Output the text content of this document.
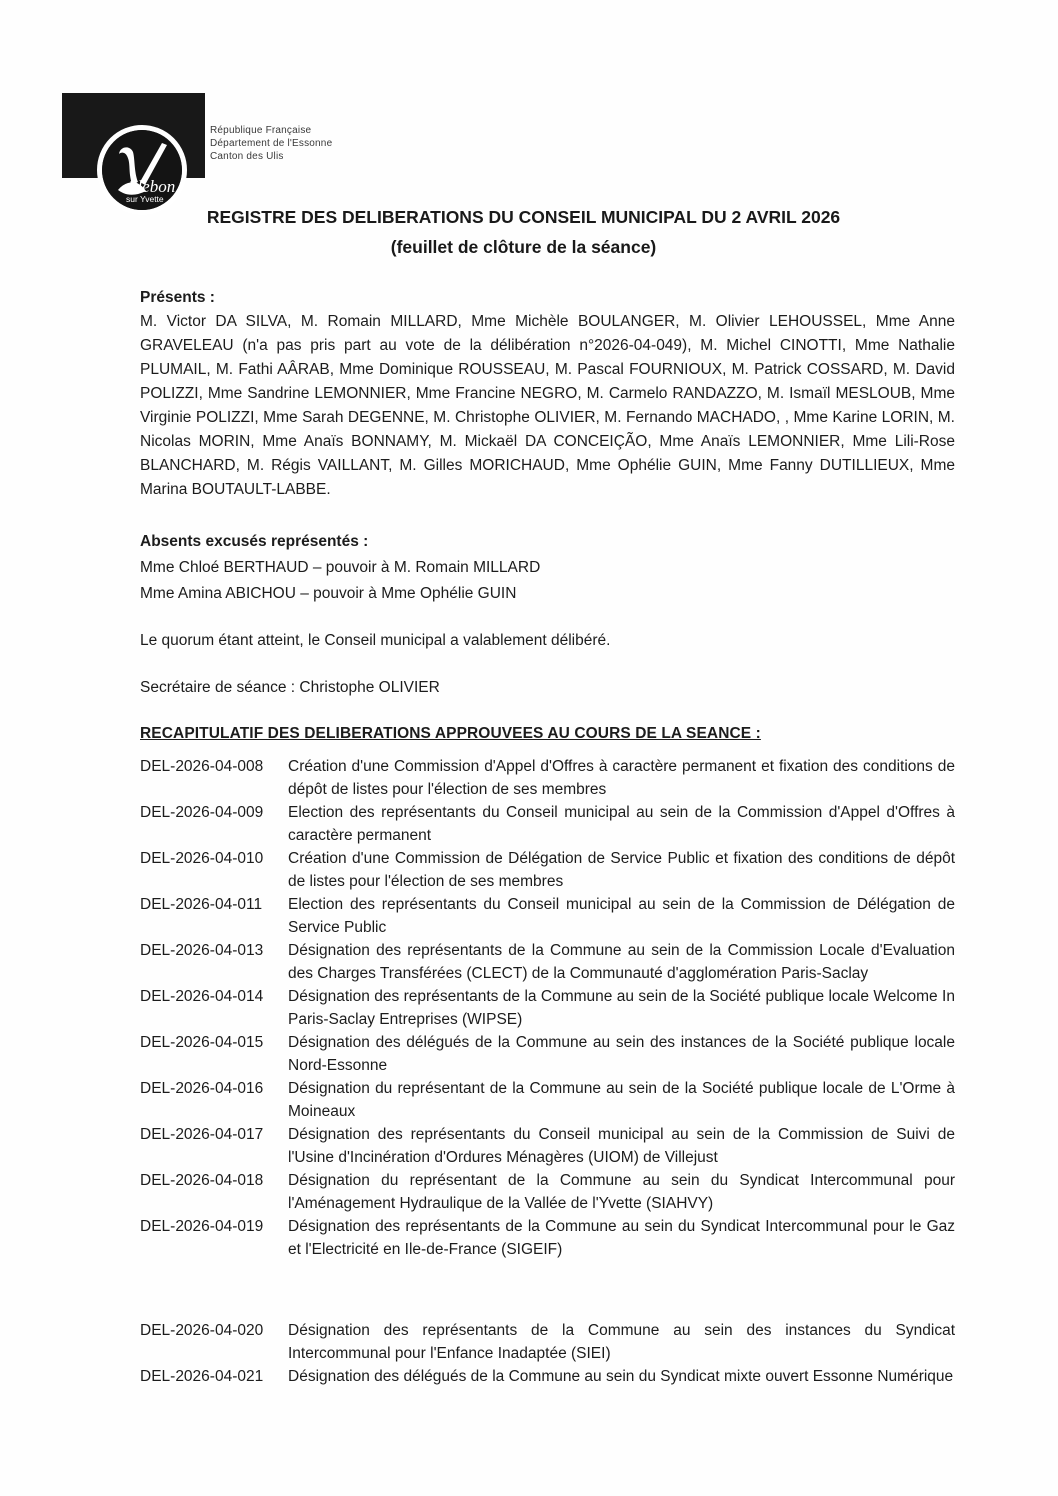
illebon
sur Yvette
République Française
Département de l'Essonne
Canton des Ulis
REGISTRE DES DELIBERATIONS DU CONSEIL MUNICIPAL DU 2 AVRIL 2026
(feuillet de clôture de la séance)
Présents :
M. Victor DA SILVA, M. Romain MILLARD, Mme Michèle BOULANGER, M. Olivier LEHOUSSEL, Mme Anne GRAVELEAU (n'a pas pris part au vote de la délibération n°2026-04-049), M. Michel CINOTTI, Mme Nathalie PLUMAIL, M. Fathi AÂRAB, Mme Dominique ROUSSEAU, M. Pascal FOURNIOUX, M. Patrick COSSARD, M. David POLIZZI, Mme Sandrine LEMONNIER, Mme Francine NEGRO, M. Carmelo RANDAZZO, M. Ismaïl MESLOUB, Mme Virginie POLIZZI, Mme Sarah DEGENNE, M. Christophe OLIVIER, M. Fernando MACHADO, , Mme Karine LORIN, M. Nicolas MORIN, Mme Anaïs BONNAMY, M. Mickaël DA CONCEIÇÃO, Mme Anaïs LEMONNIER, Mme Lili-Rose BLANCHARD, M. Régis VAILLANT, M. Gilles MORICHAUD, Mme Ophélie GUIN, Mme Fanny DUTILLIEUX, Mme Marina BOUTAULT-LABBE.
Absents excusés représentés :
Mme Chloé BERTHAUD – pouvoir à M. Romain MILLARD
Mme Amina ABICHOU – pouvoir à Mme Ophélie GUIN
Le quorum étant atteint, le Conseil municipal a valablement délibéré.
Secrétaire de séance : Christophe OLIVIER
RECAPITULATIF DES DELIBERATIONS APPROUVEES AU COURS DE LA SEANCE :
DEL-2026-04-008	Création d'une Commission d'Appel d'Offres à caractère permanent et fixation des conditions de dépôt de listes pour l'élection de ses membres
DEL-2026-04-009	Election des représentants du Conseil municipal au sein de la Commission d'Appel d'Offres à caractère permanent
DEL-2026-04-010	Création d'une Commission de Délégation de Service Public et fixation des conditions de dépôt de listes pour l'élection de ses membres
DEL-2026-04-011	Election des représentants du Conseil municipal au sein de la Commission de Délégation de Service Public
DEL-2026-04-013	Désignation des représentants de la Commune au sein de la Commission Locale d'Evaluation des Charges Transférées (CLECT) de la Communauté d'agglomération Paris-Saclay
DEL-2026-04-014	Désignation des représentants de la Commune au sein de la Société publique locale Welcome In Paris-Saclay Entreprises (WIPSE)
DEL-2026-04-015	Désignation des délégués de la Commune au sein des instances de la Société publique locale Nord-Essonne
DEL-2026-04-016	Désignation du représentant de la Commune au sein de la Société publique locale de L'Orme à Moineaux
DEL-2026-04-017	Désignation des représentants du Conseil municipal au sein de la Commission de Suivi de l'Usine d'Incinération d'Ordures Ménagères (UIOM) de Villejust
DEL-2026-04-018	Désignation du représentant de la Commune au sein du Syndicat Intercommunal pour l'Aménagement Hydraulique de la Vallée de l'Yvette (SIAHVY)
DEL-2026-04-019	Désignation des représentants de la Commune au sein du Syndicat Intercommunal pour le Gaz et l'Electricité en Ile-de-France (SIGEIF)
DEL-2026-04-020	Désignation des représentants de la Commune au sein des instances du Syndicat Intercommunal pour l'Enfance Inadaptée (SIEI)
DEL-2026-04-021	Désignation des délégués de la Commune au sein du Syndicat mixte ouvert Essonne Numérique
